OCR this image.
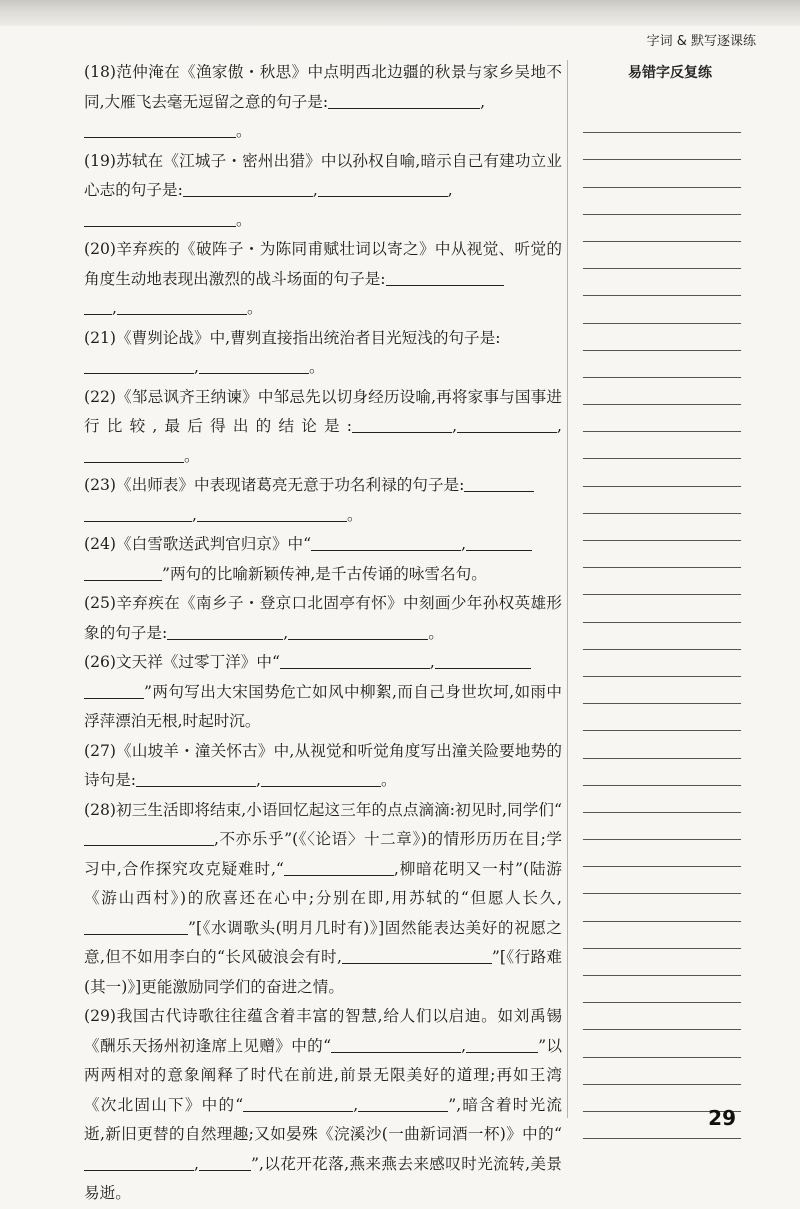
字词 & 默写逐课练

(18)范仲淹在《渔家傲・秋思》中点明西北边疆的秋景与家乡吴地不同,大雁飞去毫无逗留之意的句子是:	,
。

(19)苏轼在《江城子・密州出猎》中以孙权自喻,暗示自己有建功立业心志的句子是:	,	,
。

(20)辛弃疾的《破阵子・为陈同甫赋壮词以寄之》中从视觉、听觉的角度生动地表现出激烈的战斗场面的句子是:
,	。

(21)《曹刿论战》中,曹刿直接指出统治者目光短浅的句子是:
,	。

(22)《邹忌讽齐王纳谏》中邹忌先以切身经历设喻,再将家事与国事进行比较,最后得出的结论是:	,	,。

(23)《出师表》中表现诸葛亮无意于功名利禄的句子是:
,	。

(24)《白雪歌送武判官归京》中“	,
”两句的比喻新颖传神,是千古传诵的咏雪名句。

(25)辛弃疾在《南乡子・登京口北固亭有怀》中刻画少年孙权英雄形象的句子是:	,	。

(26)文天祥《过零丁洋》中“	,
”两句写出大宋国势危亡如风中柳絮,而自己身世坎坷,如雨中浮萍漂泊无根,时起时沉。

(27)《山坡羊・潼关怀古》中,从视觉和听觉角度写出潼关险要地势的诗句是:	,	。

(28)初三生活即将结束,小语回忆起这三年的点点滴滴:初见时,同学们“,不亦乐乎”(《〈论语〉十二章》)的情形历历在目;学习中,合作探究攻克疑难时,“	,柳暗花明又一村”(陆游《游山西村》)的欣喜还在心中;分别在即,用苏轼的“但愿人长久,”[《水调歌头(明月几时有)》]固然能表达美好的祝愿之意,但不如用李白的“长风破浪会有时,	”[《行路难(其一)》]更能激励同学们的奋进之情。

(29)我国古代诗歌往往蕴含着丰富的智慧,给人们以启迪。如刘禹锡《酬乐天扬州初逢席上见赠》中的“	,	”以两两相对的意象阐释了时代在前进,前景无限美好的道理;再如王湾《次北固山下》中的“	,	”,暗含着时光流逝,新旧更替的自然理趣;又如晏殊《浣溪沙(一曲新词酒一杯)》中的“,	”,以花开花落,燕来燕去来感叹时光流转,美景易逝。

易错字反复练
29
